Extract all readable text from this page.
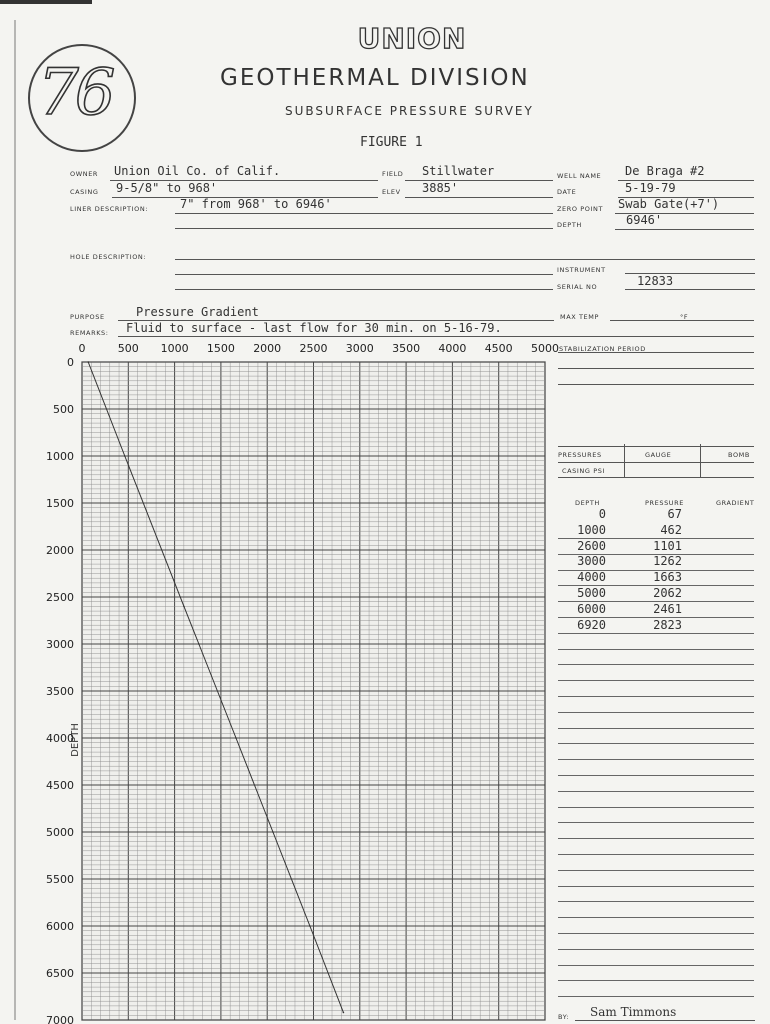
76
UNION
GEOTHERMAL DIVISION
SUBSURFACE PRESSURE SURVEY
FIGURE 1
OWNER Union Oil Co. of Calif.	FIELD Stillwater	WELL NAME De Braga #2
CASING 9-5/8" to 968'	ELEV 3885'	DATE	5-19-79
LINER DESCRIPTION:	7" from 968' to 6946'	ZERO POINT Swab Gate(+7')
DEPTH	6946'
HOLE DESCRIPTION:
INSTRUMENT
SERIAL NO	12833
PURPOSE	Pressure Gradient	MAX TEMP	°F
REMARKS: Fluid to surface - last flow for 30 min. on 5-16-79.
STABILIZATION PERIOD
0	500 1000 1500 2000 2500 3000 3500 4000 4500 5000
0
500
1000
1500
2000
2500
3000
3500
4000
4500
5000
5500
6000
6500
7000
DEPTH
PRESSURES	GAUGE	BOMB
CASING PSI
DEPTH	PRESSURE	GRADIENT
0	67
1000	462
2600	1101
3000	1262
4000	1663
5000	2062
6000	2461
6920	2823
BY: Sam Timmons
